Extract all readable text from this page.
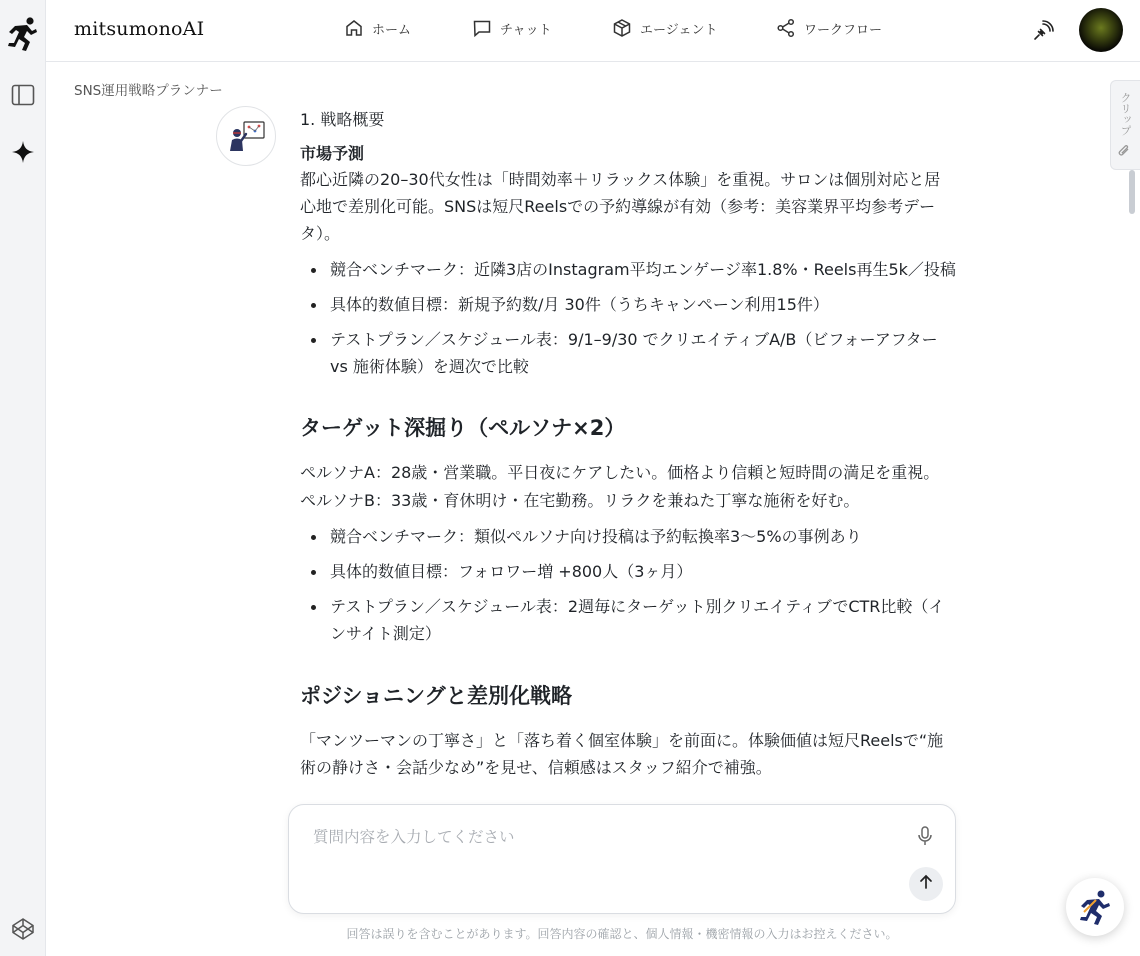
mitsumonoAI	ホーム	チャット	エージェント	ワークフロー
SNS運用戦略プランナー
クリップ

1. 戦略概要

市場予測

都心近隣の20–30代女性は「時間効率＋リラックス体験」を重視。サロンは個別対応と居
心地で差別化可能。SNSは短尺Reelsでの予約導線が有効（参考：美容業界平均参考デー
タ）。

競合ベンチマーク：近隣3店のInstagram平均エンゲージ率1.8%・Reels再生5k／投稿
具体的数値目標：新規予約数/月 30件（うちキャンペーン利用15件）
テストプラン／スケジュール表：9/1–9/30 でクリエイティブA/B（ビフォーアフター
vs 施術体験）を週次で比較
ターゲット深掘り（ペルソナ×2）

ペルソナA：28歳・営業職。平日夜にケアしたい。価格より信頼と短時間の満足を重視。

ペルソナB：33歳・育休明け・在宅勤務。リラクを兼ねた丁寧な施術を好む。

競合ベンチマーク：類似ペルソナ向け投稿は予約転換率3〜5%の事例あり
具体的数値目標：フォロワー増 +800人（3ヶ月）
テストプラン／スケジュール表：2週毎にターゲット別クリエイティブでCTR比較（イ
ンサイト測定）
ポジショニングと差別化戦略

「マンツーマンの丁寧さ」と「落ち着く個室体験」を前面に。体験価値は短尺Reelsで“施
術の静けさ・会話少なめ”を見せ、信頼感はスタッフ紹介で補強。

質問内容を入力してください
回答は誤りを含むことがあります。回答内容の確認と、個人情報・機密情報の入力はお控えください。
